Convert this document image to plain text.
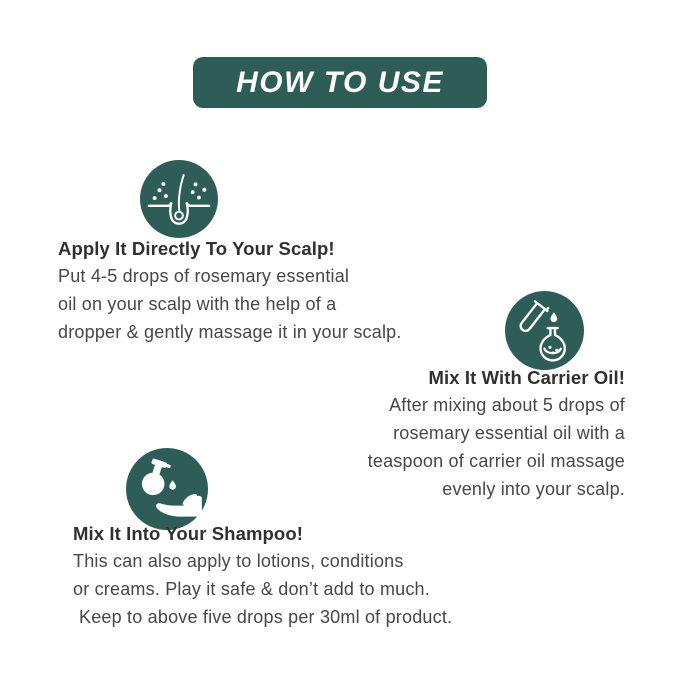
HOW TO USE
Apply It Directly To Your Scalp!
Put 4-5 drops of rosemary essential
oil on your scalp with the help of a
dropper & gently massage it in your scalp.
Mix It With Carrier Oil!
After mixing about 5 drops of
rosemary essential oil with a
teaspoon of carrier oil massage
evenly into your scalp.
Mix It Into Your Shampoo!
This can also apply to lotions, conditions
or creams. Play it safe & don’t add to much.
Keep to above five drops per 30ml of product.
